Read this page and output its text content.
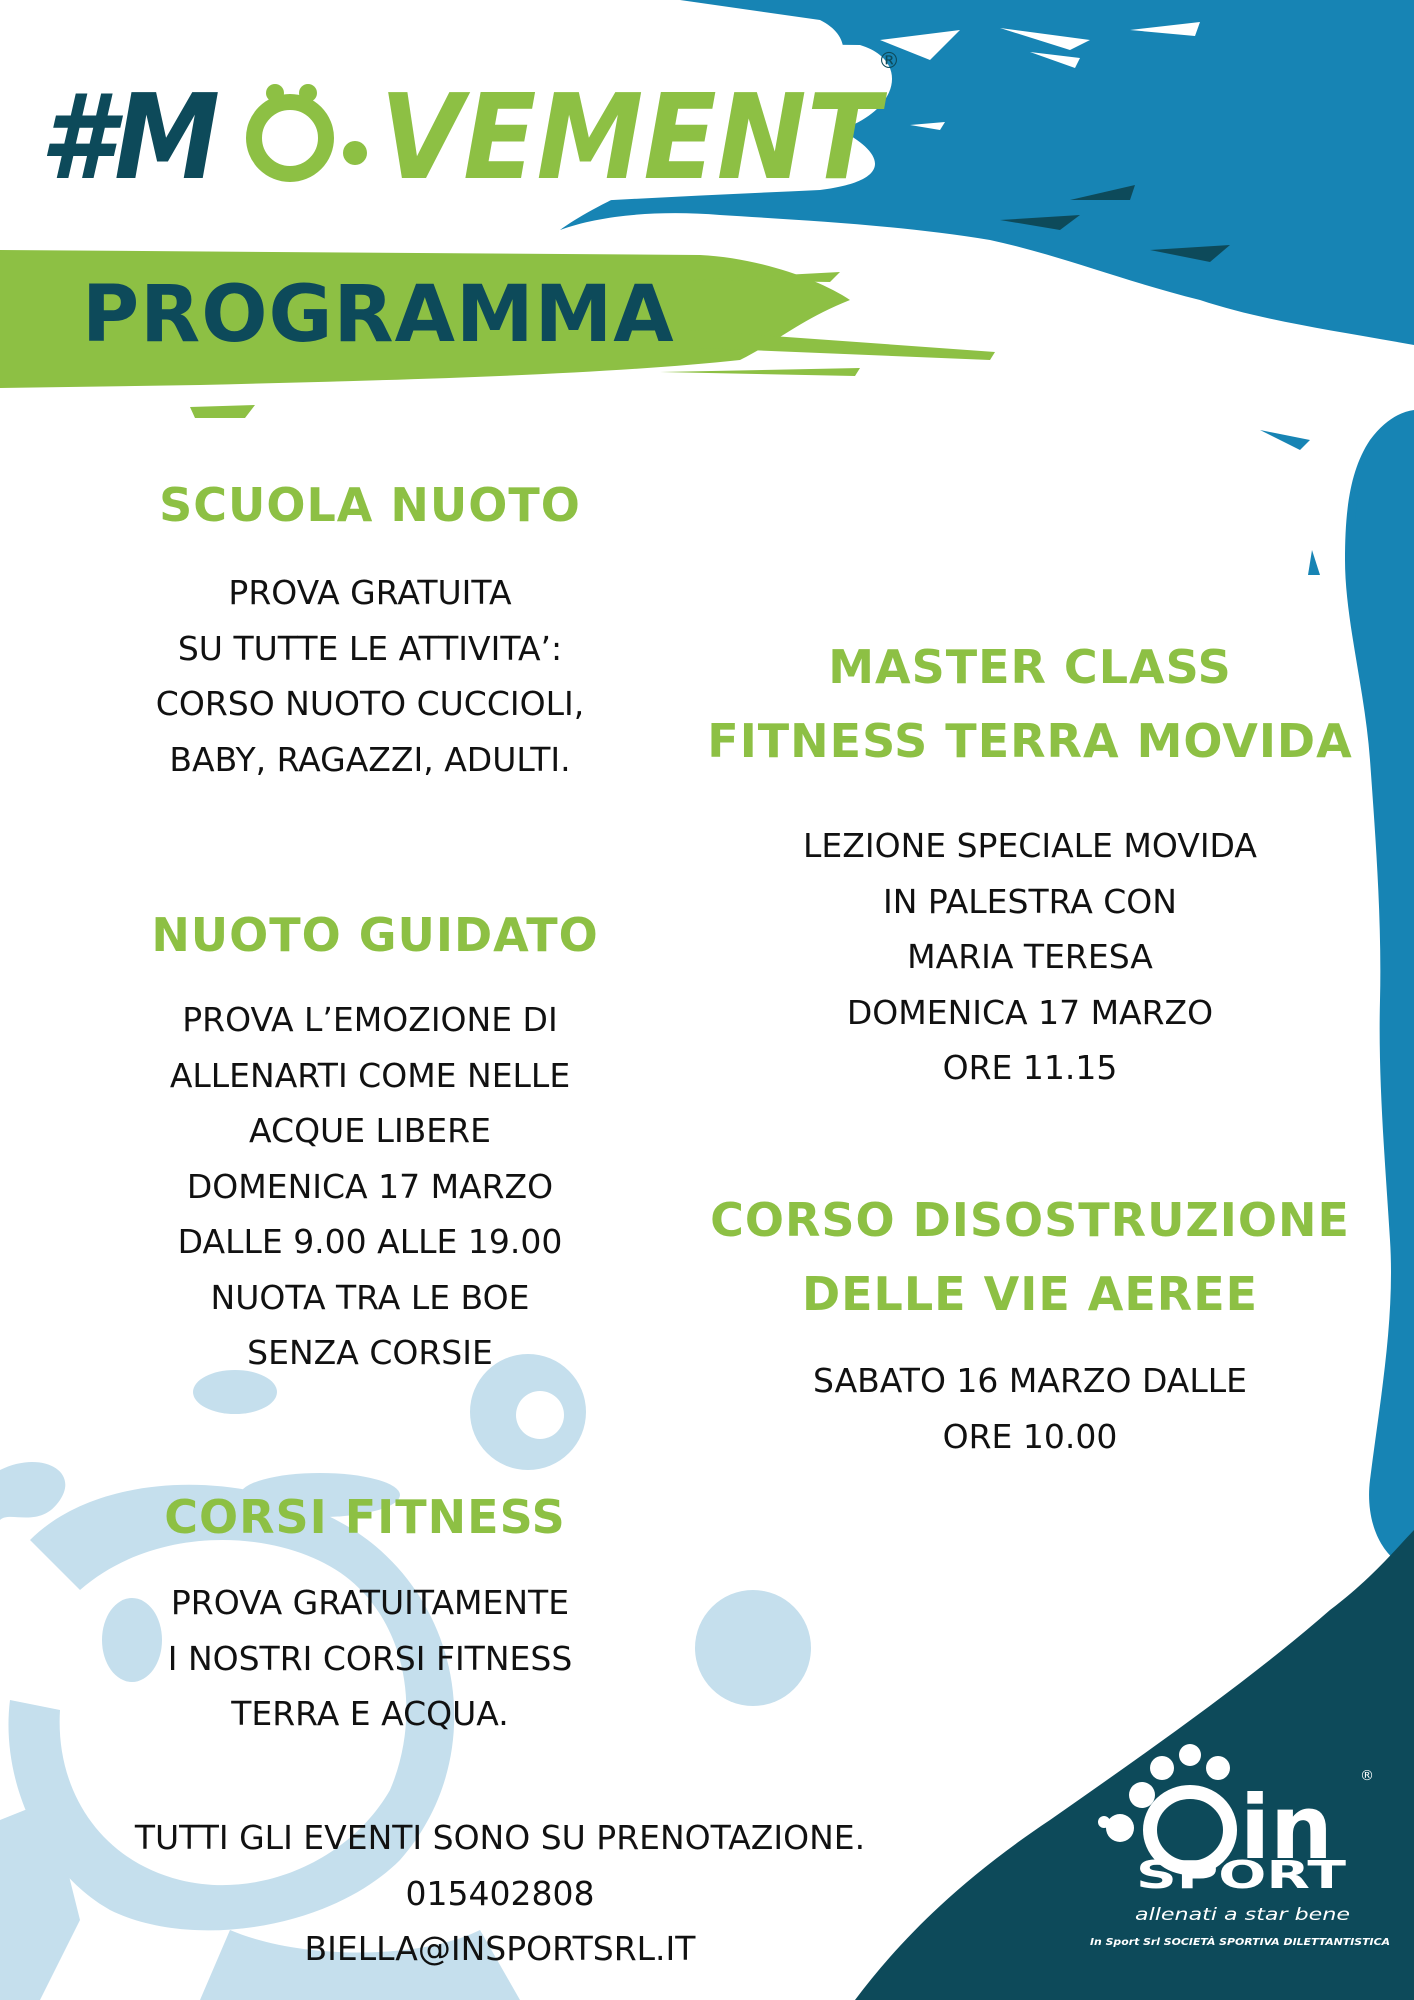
#M VEMENT
®
PROGRAMMA
SCUOLA NUOTO
PROVA GRATUITA
SU TUTTE LE ATTIVITA’:
CORSO NUOTO CUCCIOLI,
BABY, RAGAZZI, ADULTI.
NUOTO GUIDATO
PROVA L’EMOZIONE DI
ALLENARTI COME NELLE
ACQUE LIBERE
DOMENICA 17 MARZO
DALLE 9.00 ALLE 19.00
NUOTA TRA LE BOE
SENZA CORSIE
CORSI FITNESS
PROVA GRATUITAMENTE
I NOSTRI CORSI FITNESS
TERRA E ACQUA.
MASTER CLASS
FITNESS TERRA MOVIDA
LEZIONE SPECIALE MOVIDA
IN PALESTRA CON
MARIA TERESA
DOMENICA 17 MARZO
ORE 11.15
CORSO DISOSTRUZIONE
DELLE VIE AEREE
SABATO 16 MARZO DALLE
ORE 10.00
TUTTI GLI EVENTI SONO SU PRENOTAZIONE.
015402808
BIELLA@INSPORTSRL.IT
in ®
SPORT
allenati a star bene
In Sport Srl SOCIETÀ SPORTIVA DILETTANTISTICA
